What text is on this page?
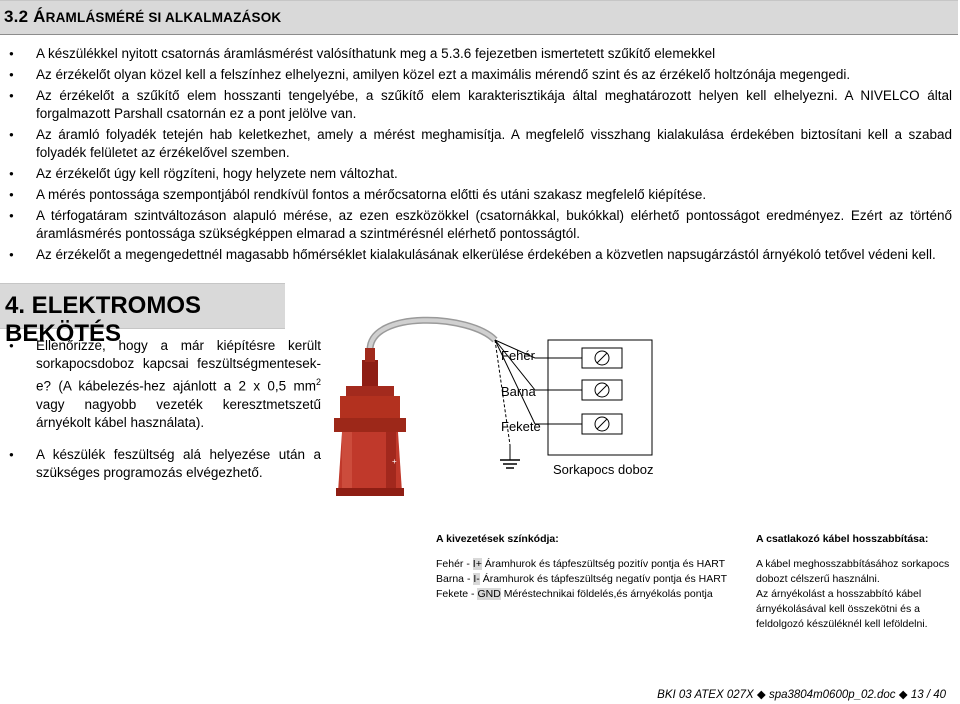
3.2 ÁRAMLÁSMÉRÉ SI ALKALMAZÁSOK
● A készülékkel nyitott csatornás áramlásmérést valósíthatunk meg a 5.3.6 fejezetben ismertetett szűkítő elemekkel
● Az érzékelőt olyan közel kell a felszínhez elhelyezni, amilyen közel ezt a maximális mérendő szint és az érzékelő holtzónája megengedi.
● Az érzékelőt a szűkítő elem hosszanti tengelyébe, a szűkítő elem karakterisztikája által meghatározott helyen kell elhelyezni. A NIVELCO által forgalmazott Parshall csatornán ez a pont jelölve van.
● Az áramló folyadék tetején hab keletkezhet, amely a mérést meghamisítja. A megfelelő visszhang kialakulása érdekében biztosítani kell a szabad folyadék felületet az érzékelővel szemben.
● Az érzékelőt úgy kell rögzíteni, hogy helyzete nem változhat.
● A mérés pontossága szempontjából rendkívül fontos a mérőcsatorna előtti és utáni szakasz megfelelő kiépítése.
● A térfogatáram szintváltozáson alapuló mérése, az ezen eszközökkel (csatornákkal, bukókkal) elérhető pontosságot eredményez. Ezért az történő áramlásmérés pontossága szükségképpen elmarad a szintmérésnél elérhető pontosságtól.
● Az érzékelőt a megengedettnél magasabb hőmérséklet kialakulásának elkerülése érdekében a közvetlen napsugárzástól árnyékoló tetővel védeni kell.
4. ELEKTROMOS BEKÖTÉS
● Ellenőrizze, hogy a már kiépítésre került sorkapocsdoboz kapcsai feszültségmentesek-e? (A kábelezés-hez ajánlott a 2 x 0,5 $mm^2$ vagy nagyobb vezeték keresztmetszetű árnyékolt kábel használata).
● A készülék feszültség alá helyezése után a szükséges programozás elvégezhető.
+
Fehér
Barna
Fekete
Sorkapocs doboz
A kivezetések színkódja:
Fehér - I+ Áramhurok és tápfeszültség pozitív pontja és HART
Barna - I- Áramhurok és tápfeszültség negatív pontja és HART
Fekete - GND Méréstechnikai földelés,és árnyékolás pontja
A csatlakozó kábel hosszabbítása:
A kábel meghosszabbításához sorkapocs
dobozt célszerű használni.
Az árnyékolást a hosszabbító kábel
árnyékolásával kell összekötni és a
feldolgozó készüléknél kell leföldelni.
BKI 03 ATEX 027X ◆ spa3804m0600p_02.doc ◆ 13 / 40
